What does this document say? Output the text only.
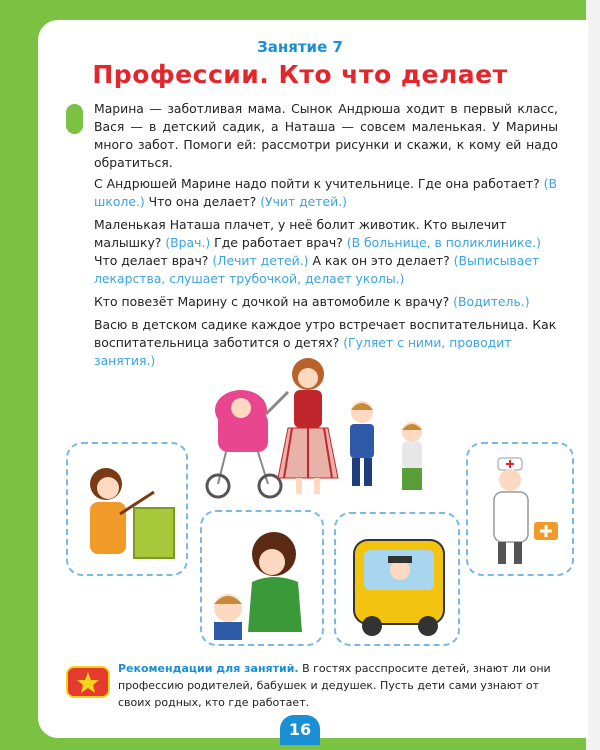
Занятие 7
Профессии. Кто что делает
Марина — заботливая мама. Сынок Андрюша ходит в первый класс, Вася — в детский садик, а Наташа — совсем маленькая. У Марины много забот. Помоги ей: рассмотри рисунки и скажи, к кому ей надо обратиться.
С Андрюшей Марине надо пойти к учительнице. Где она работает? (В школе.) Что она делает? (Учит детей.)
Маленькая Наташа плачет, у неё болит животик. Кто вылечит малышку? (Врач.) Где работает врач? (В больнице, в поликлинике.) Что делает врач? (Лечит детей.) А как он это делает? (Выписывает лекарства, слушает трубочкой, делает уколы.)
Кто повезёт Марину с дочкой на автомобиле к врачу? (Водитель.)
Васю в детском садике каждое утро встречает воспитательница. Как воспитательница заботится о детях? (Гуляет с ними, проводит занятия.)
Рекомендации для занятий. В гостях расспросите детей, знают ли они профессию родителей, бабушек и дедушек. Пусть дети сами узнают от своих родных, кто где работает.
16
